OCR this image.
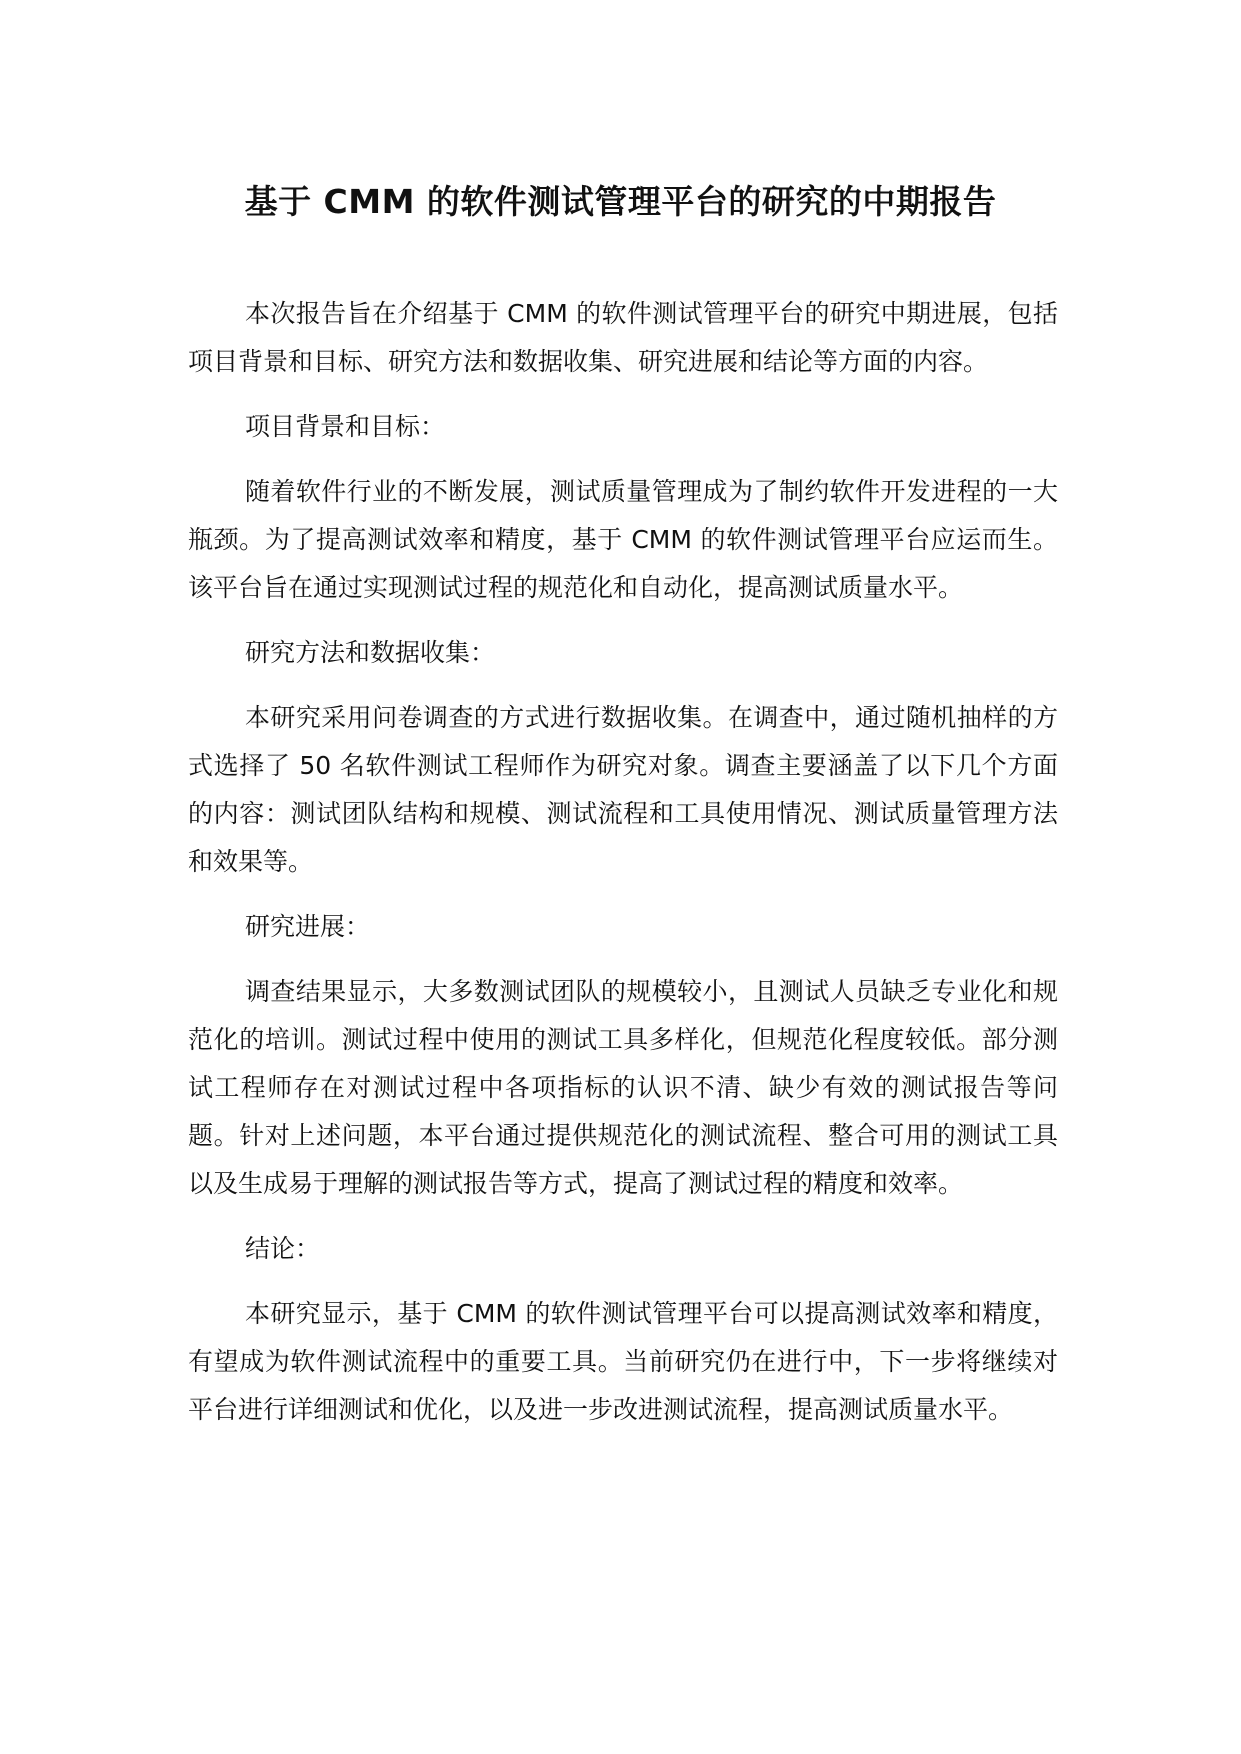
基于 CMM 的软件测试管理平台的研究的中期报告

本次报告旨在介绍基于 CMM 的软件测试管理平台的研究中期进展，包括项目背景和目标、研究方法和数据收集、研究进展和结论等方面的内容。

项目背景和目标：

随着软件行业的不断发展，测试质量管理成为了制约软件开发进程的一大瓶颈。为了提高测试效率和精度，基于 CMM 的软件测试管理平台应运而生。该平台旨在通过实现测试过程的规范化和自动化，提高测试质量水平。

研究方法和数据收集：

本研究采用问卷调查的方式进行数据收集。在调查中，通过随机抽样的方式选择了 50 名软件测试工程师作为研究对象。调查主要涵盖了以下几个方面的内容：测试团队结构和规模、测试流程和工具使用情况、测试质量管理方法和效果等。

研究进展：

调查结果显示，大多数测试团队的规模较小，且测试人员缺乏专业化和规范化的培训。测试过程中使用的测试工具多样化，但规范化程度较低。部分测试工程师存在对测试过程中各项指标的认识不清、缺少有效的测试报告等问题。针对上述问题，本平台通过提供规范化的测试流程、整合可用的测试工具以及生成易于理解的测试报告等方式，提高了测试过程的精度和效率。

结论：

本研究显示，基于 CMM 的软件测试管理平台可以提高测试效率和精度，有望成为软件测试流程中的重要工具。当前研究仍在进行中，下一步将继续对平台进行详细测试和优化，以及进一步改进测试流程，提高测试质量水平。
